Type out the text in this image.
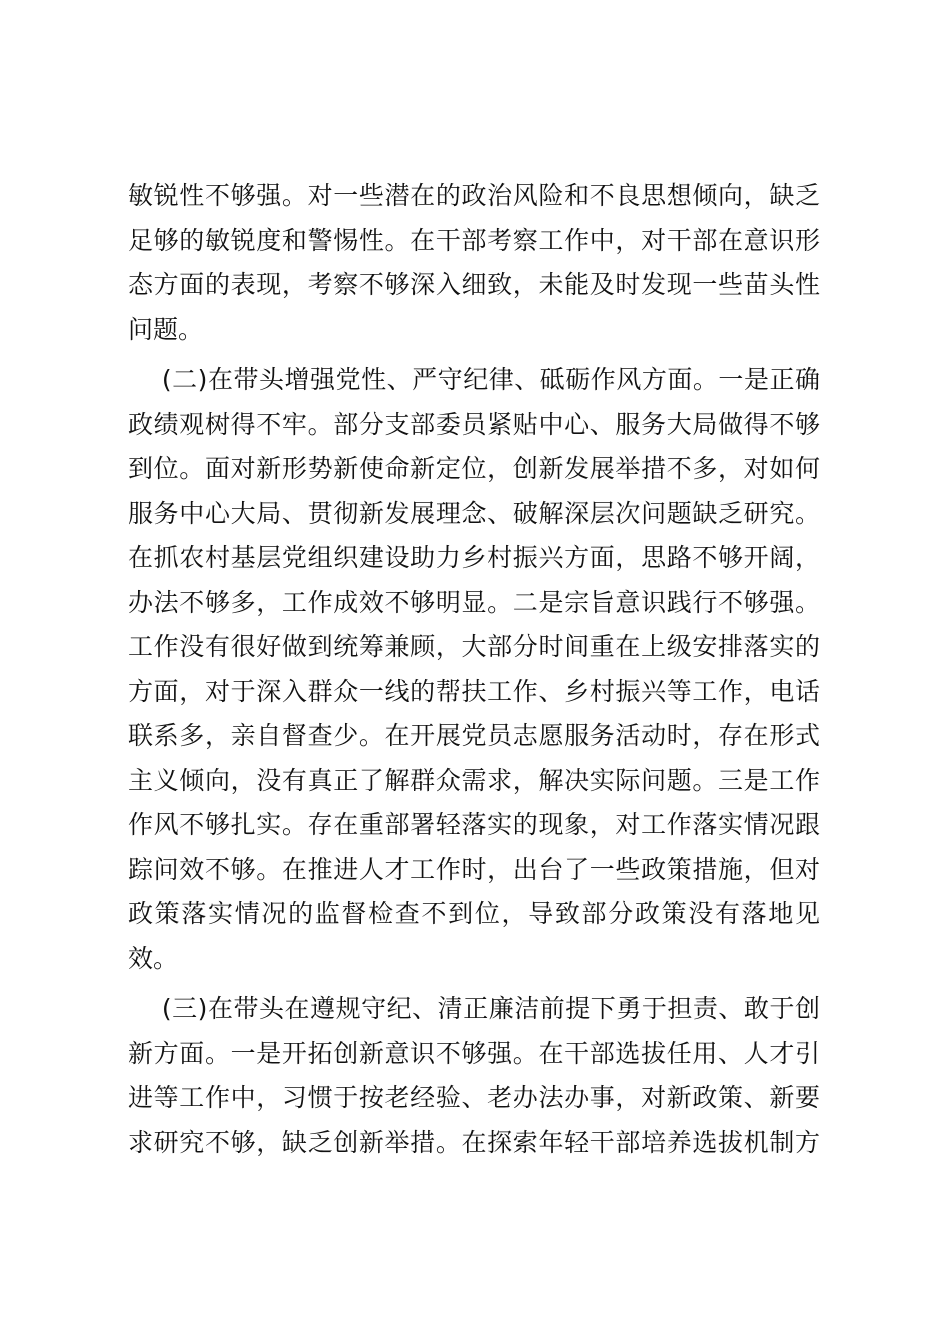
敏锐性不够强。对一些潜在的政治风险和不良思想倾向，缺乏
足够的敏锐度和警惕性。在干部考察工作中，对干部在意识形
态方面的表现，考察不够深入细致，未能及时发现一些苗头性
问题。
(二)在带头增强党性、严守纪律、砥砺作风方面。一是正确
政绩观树得不牢。部分支部委员紧贴中心、服务大局做得不够
到位。面对新形势新使命新定位，创新发展举措不多，对如何
服务中心大局、贯彻新发展理念、破解深层次问题缺乏研究。
在抓农村基层党组织建设助力乡村振兴方面，思路不够开阔，
办法不够多，工作成效不够明显。二是宗旨意识践行不够强。
工作没有很好做到统筹兼顾，大部分时间重在上级安排落实的
方面，对于深入群众一线的帮扶工作、乡村振兴等工作，电话
联系多，亲自督查少。在开展党员志愿服务活动时，存在形式
主义倾向，没有真正了解群众需求，解决实际问题。三是工作
作风不够扎实。存在重部署轻落实的现象，对工作落实情况跟
踪问效不够。在推进人才工作时，出台了一些政策措施，但对
政策落实情况的监督检查不到位，导致部分政策没有落地见
效。
(三)在带头在遵规守纪、清正廉洁前提下勇于担责、敢于创
新方面。一是开拓创新意识不够强。在干部选拔任用、人才引
进等工作中，习惯于按老经验、老办法办事，对新政策、新要
求研究不够，缺乏创新举措。在探索年轻干部培养选拔机制方
